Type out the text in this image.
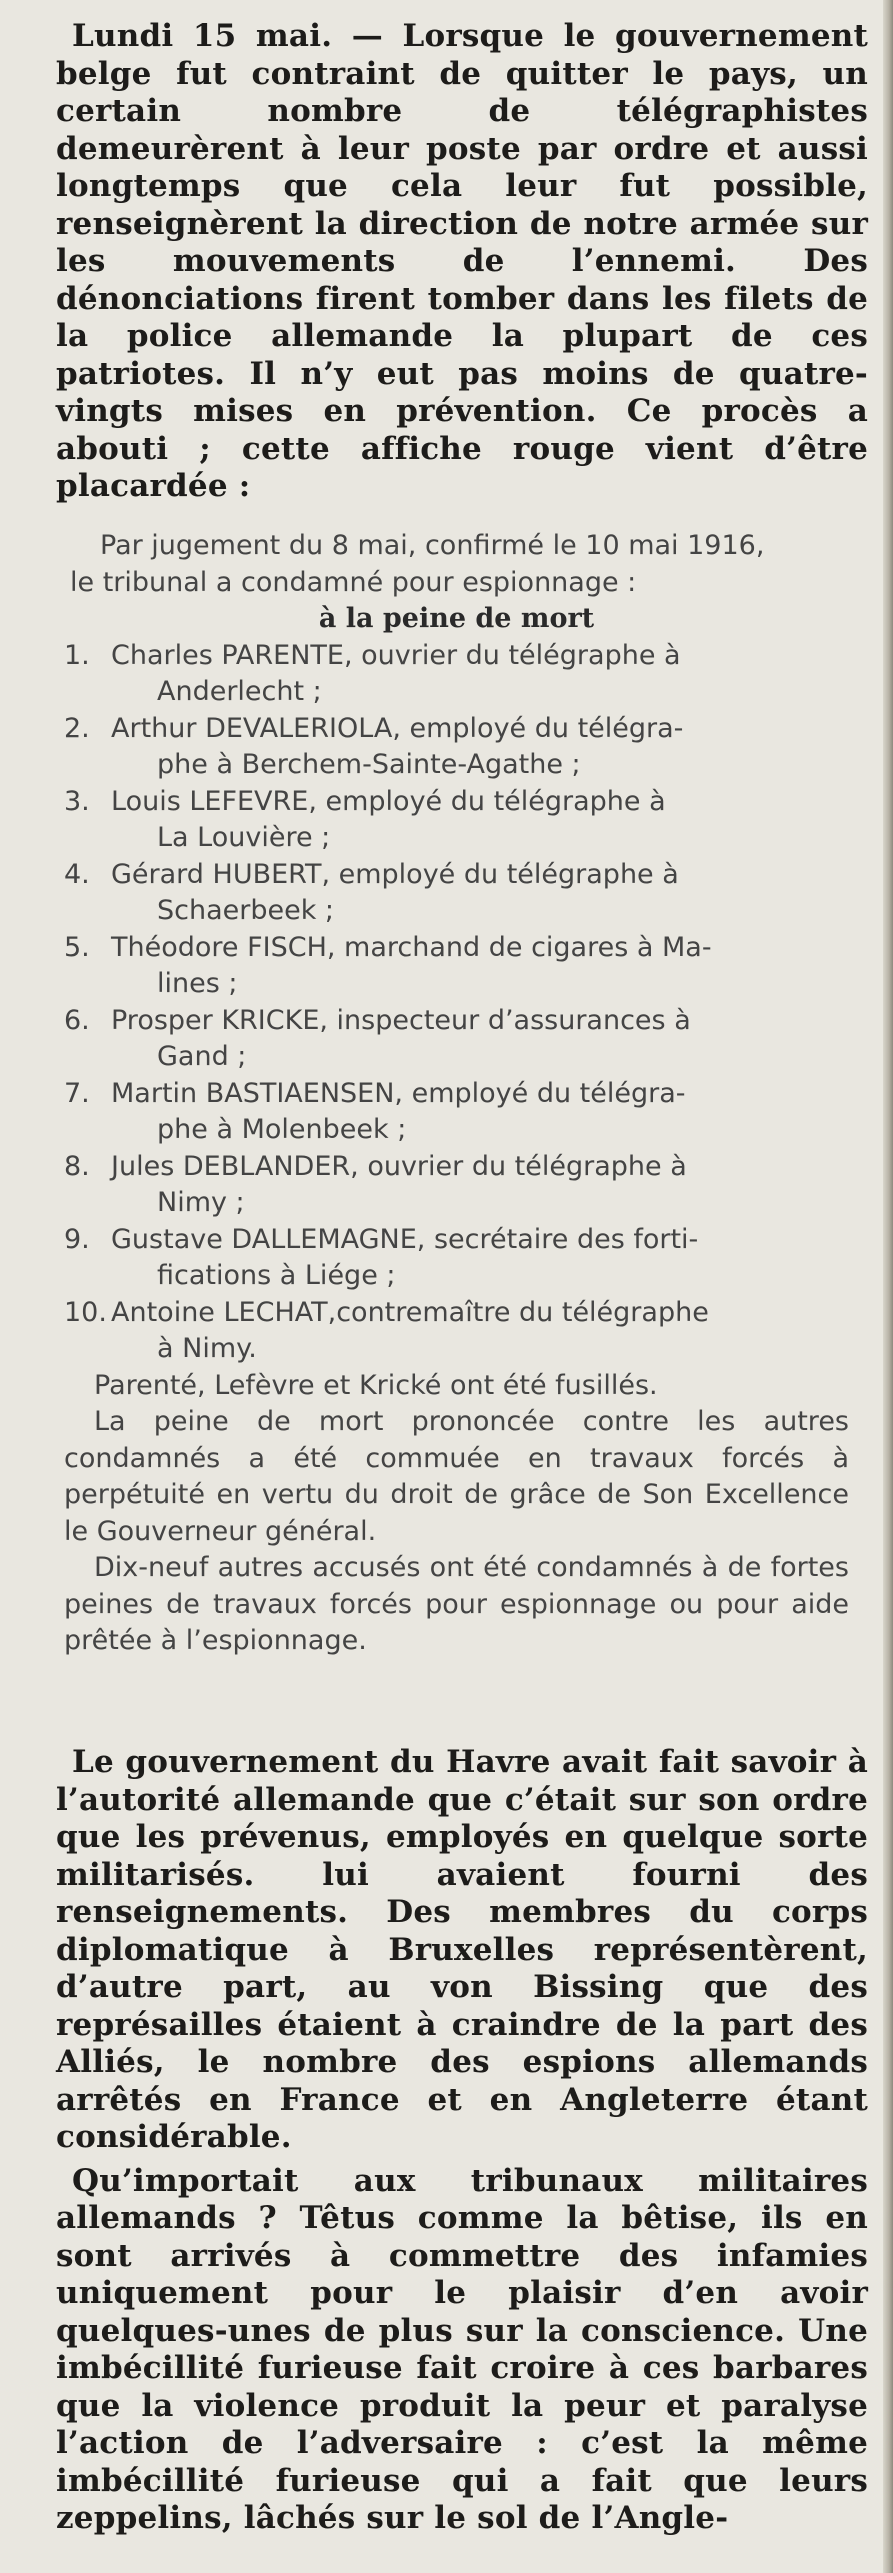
Lundi 15 mai. — Lorsque le gouvernement belge fut contraint de quitter le pays, un certain nombre de télégraphistes demeurèrent à leur poste par ordre et aussi longtemps que cela leur fut possible, renseignèrent la direction de notre armée sur les mouvements de l’ennemi. Des dénonciations firent tomber dans les filets de la police allemande la plupart de ces patriotes. Il n’y eut pas moins de quatre-vingts mises en prévention. Ce procès a abouti ; cette affiche rouge vient d’être placardée :

Par jugement du 8 mai, confirmé le 10 mai 1916,

le tribunal a condamné pour espionnage :

à la peine de mort

1. Charles PARENTE, ouvrier du télégraphe à
Anderlecht ;
2. Arthur DEVALERIOLA, employé du télégra-
phe à Berchem-Sainte-Agathe ;
3. Louis LEFEVRE, employé du télégraphe à
La Louvière ;
4. Gérard HUBERT, employé du télégraphe à
Schaerbeek ;
5. Théodore FISCH, marchand de cigares à Ma-
lines ;
6. Prosper KRICKE, inspecteur d’assurances à
Gand ;
7. Martin BASTIAENSEN, employé du télégra-
phe à Molenbeek ;
8. Jules DEBLANDER, ouvrier du télégraphe à
Nimy ;
9. Gustave DALLEMAGNE, secrétaire des forti-
fications à Liége ;
10. Antoine LECHAT,contremaître du télégraphe
à Nimy.

Parenté, Lefèvre et Krické ont été fusillés.

La peine de mort prononcée contre les autres condamnés a été commuée en travaux forcés à perpétuité en vertu du droit de grâce de Son Excellence le Gouverneur général.

Dix-neuf autres accusés ont été condamnés à de fortes peines de travaux forcés pour espionnage ou pour aide prêtée à l’espionnage.

Le gouvernement du Havre avait fait savoir à l’autorité allemande que c’était sur son ordre que les prévenus, employés en quelque sorte militarisés. lui avaient fourni des renseignements. Des membres du corps diplomatique à Bruxelles représentèrent, d’autre part, au von Bissing que des représailles étaient à craindre de la part des Alliés, le nombre des espions allemands arrêtés en France et en Angleterre étant considérable.

Qu’importait aux tribunaux militaires allemands ? Têtus comme la bêtise, ils en sont arrivés à commettre des infamies uniquement pour le plaisir d’en avoir quelques-unes de plus sur la conscience. Une imbécillité furieuse fait croire à ces barbares que la violence produit la peur et paralyse l’action de l’adversaire : c’est la même imbécillité furieuse qui a fait que leurs zeppelins, lâchés sur le sol de l’Angle-
